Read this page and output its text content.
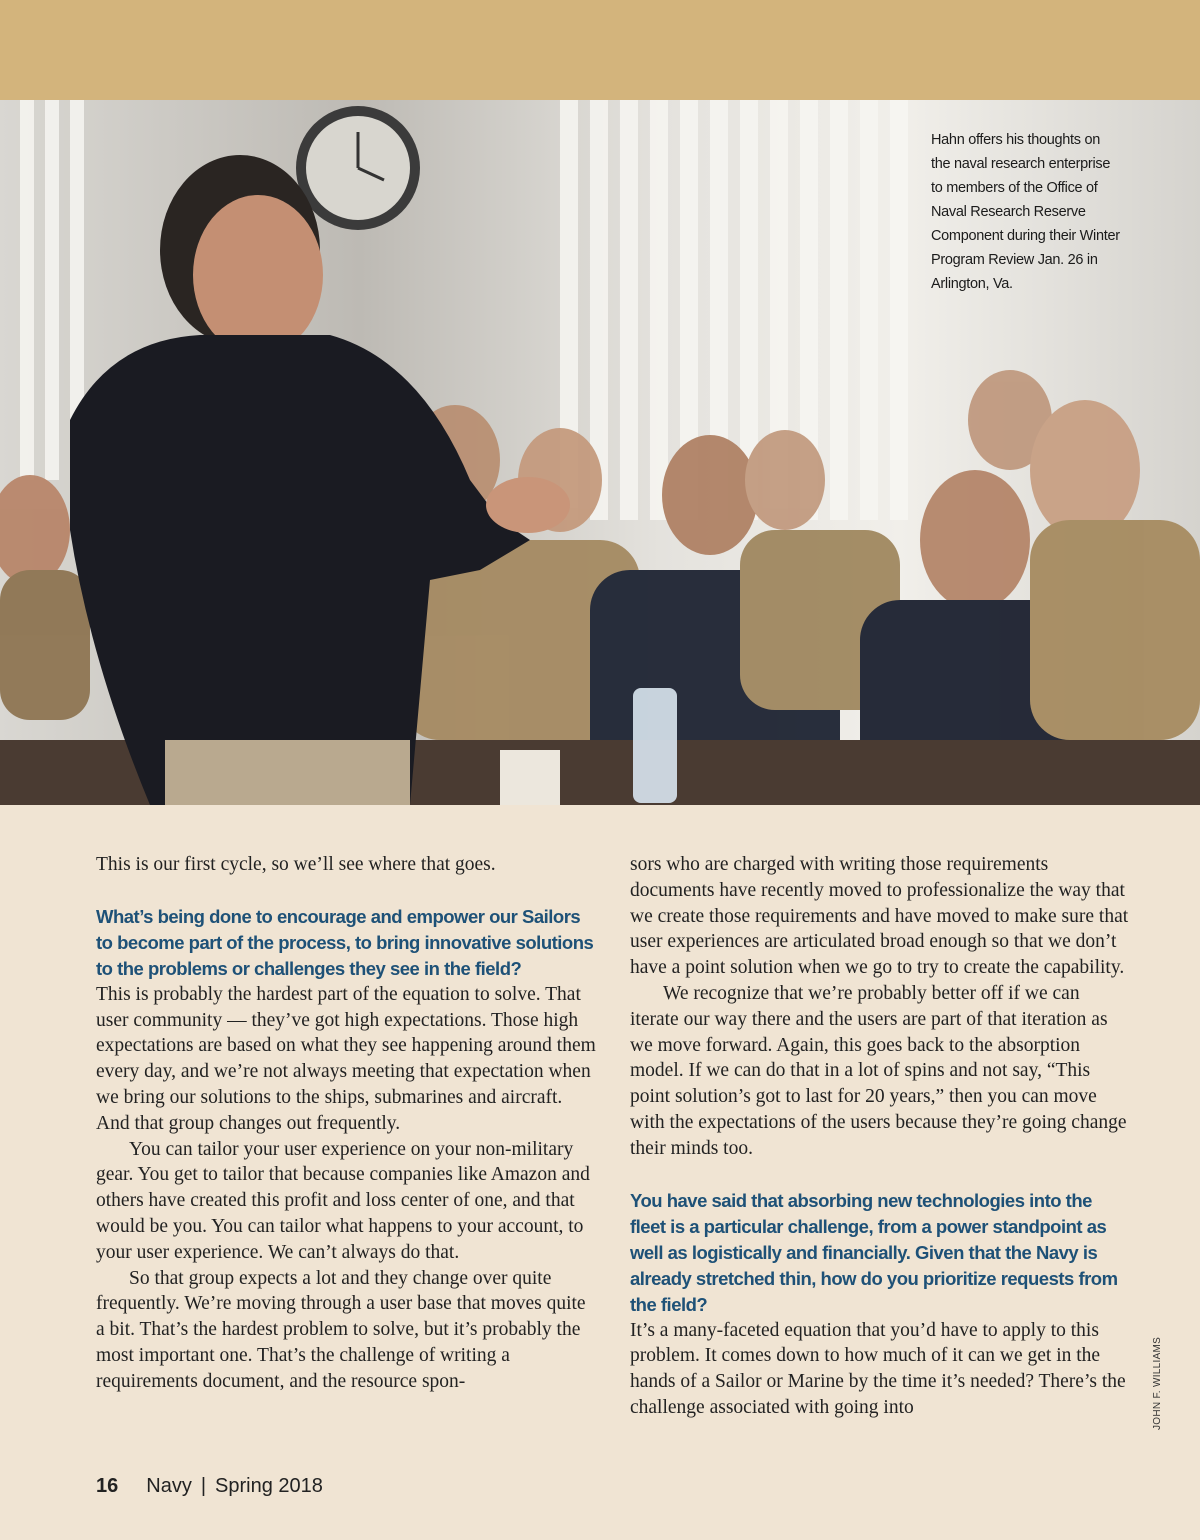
Hahn offers his thoughts on the naval research enterprise to members of the Office of Naval Research Reserve Component during their Winter Program Review Jan. 26 in Arlington, Va.

This is our first cycle, so we’ll see where that goes.

What’s being done to encourage and empower our Sailors to become part of the process, to bring innovative solutions to the problems or challenges they see in the field?

This is probably the hardest part of the equation to solve. That user community — they’ve got high expectations. Those high expectations are based on what they see happening around them every day, and we’re not always meeting that expectation when we bring our solutions to the ships, submarines and aircraft. And that group changes out frequently.

You can tailor your user experience on your non-military gear. You get to tailor that because companies like Amazon and others have created this profit and loss center of one, and that would be you. You can tailor what happens to your account, to your user experience. We can’t always do that.

So that group expects a lot and they change over quite frequently. We’re moving through a user base that moves quite a bit. That’s the hardest problem to solve, but it’s probably the most important one. That’s the challenge of writing a requirements document, and the resource spon-

sors who are charged with writing those requirements documents have recently moved to professionalize the way that we create those requirements and have moved to make sure that user experiences are articulated broad enough so that we don’t have a point solution when we go to try to create the capability.

We recognize that we’re probably better off if we can iterate our way there and the users are part of that iteration as we move forward. Again, this goes back to the absorption model. If we can do that in a lot of spins and not say, “This point solution’s got to last for 20 years,” then you can move with the expectations of the users because they’re going change their minds too.

You have said that absorbing new technologies into the fleet is a particular challenge, from a power standpoint as well as logistically and financially. Given that the Navy is already stretched thin, how do you prioritize requests from the field?

It’s a many-faceted equation that you’d have to apply to this problem. It comes down to how much of it can we get in the hands of a Sailor or Marine by the time it’s needed? There’s the challenge associated with going into	JOHN F. WILLIAMS
16 Navy | Spring 2018
